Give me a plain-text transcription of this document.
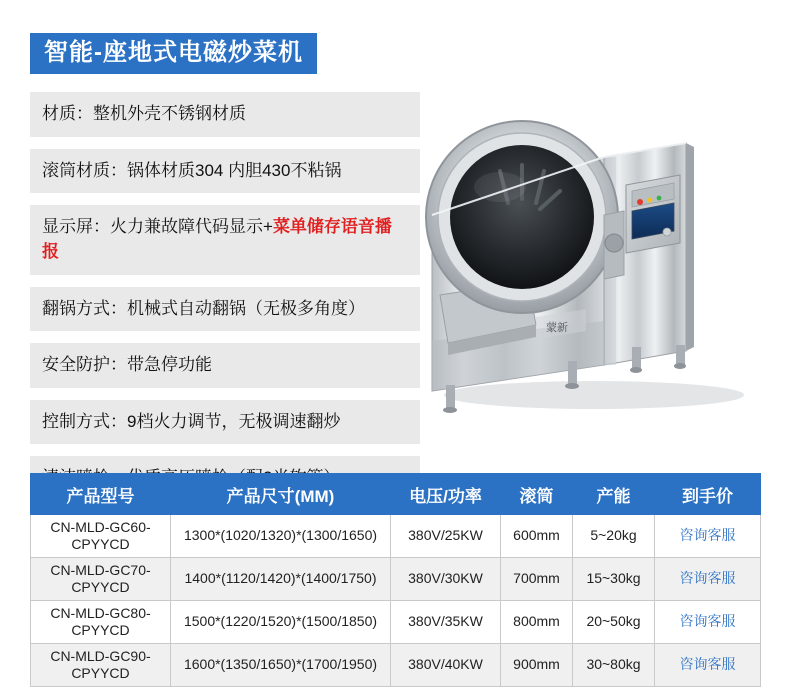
智能-座地式电磁炒菜机
材质：整机外壳不锈钢材质
滚筒材质：锅体材质304 内胆430不粘锅
显示屏：火力兼故障代码显示+菜单储存语音播报
翻锅方式：机械式自动翻锅（无极多角度）
安全防护：带急停功能
控制方式：9档火力调节，无极调速翻炒
蒙新
产品型号	产品尺寸(MM)	电压/功率	滚筒	产能	到手价
CN-MLD-GC60-CPYYCD	1300*(1020/1320)*(1300/1650)	380V/25KW	600mm	5~20kg	咨询客服
CN-MLD-GC70-CPYYCD	1400*(1120/1420)*(1400/1750)	380V/30KW	700mm	15~30kg	咨询客服
CN-MLD-GC80-CPYYCD	1500*(1220/1520)*(1500/1850)	380V/35KW	800mm	20~50kg	咨询客服
CN-MLD-GC90-CPYYCD	1600*(1350/1650)*(1700/1950)	380V/40KW	900mm	30~80kg	咨询客服
